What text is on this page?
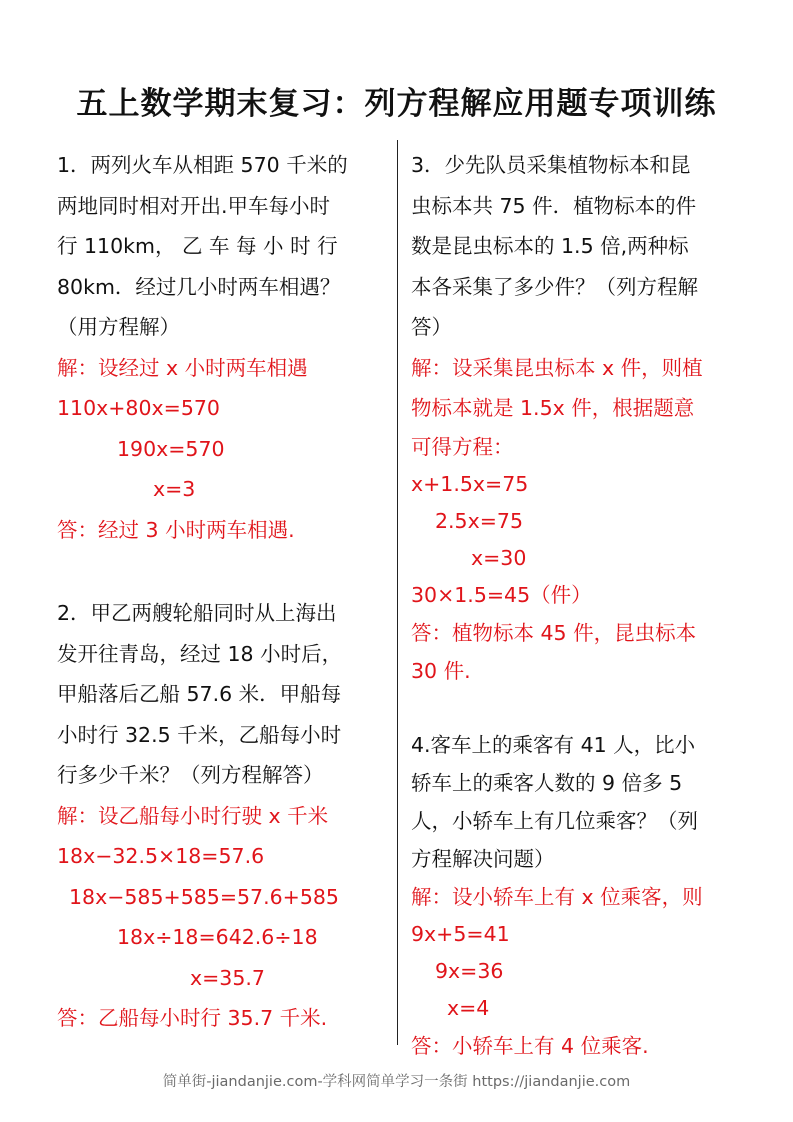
五上数学期末复习：列方程解应用题专项训练
1．两列火车从相距 570 千米的
两地同时相对开出.甲车每小时
行 110km， 乙 车 每 小 时 行
80km．经过几小时两车相遇？
（用方程解）
解：设经过 x 小时两车相遇
110x+80x=570
190x=570
x=3
答：经过 3 小时两车相遇.
2．甲乙两艘轮船同时从上海出
发开往青岛，经过 18 小时后，
甲船落后乙船 57.6 米．甲船每
小时行 32.5 千米，乙船每小时
行多少千米？（列方程解答）
解：设乙船每小时行驶 x 千米
18x−32.5×18=57.6
18x−585+585=57.6+585
18x÷18=642.6÷18
x=35.7
答：乙船每小时行 35.7 千米.
3．少先队员采集植物标本和昆
虫标本共 75 件．植物标本的件
数是昆虫标本的 1.5 倍,两种标
本各采集了多少件？（列方程解
答）
解：设采集昆虫标本 x 件，则植
物标本就是 1.5x 件，根据题意
可得方程：
x+1.5x=75
2.5x=75
x=30
30×1.5=45（件）
答：植物标本 45 件，昆虫标本
30 件.
4.客车上的乘客有 41 人，比小
轿车上的乘客人数的 9 倍多 5
人，小轿车上有几位乘客？（列
方程解决问题）
解：设小轿车上有 x 位乘客，则
9x+5=41
9x=36
x=4
答：小轿车上有 4 位乘客.
简单街-jiandanjie.com-学科网简单学习一条街 https://jiandanjie.com
